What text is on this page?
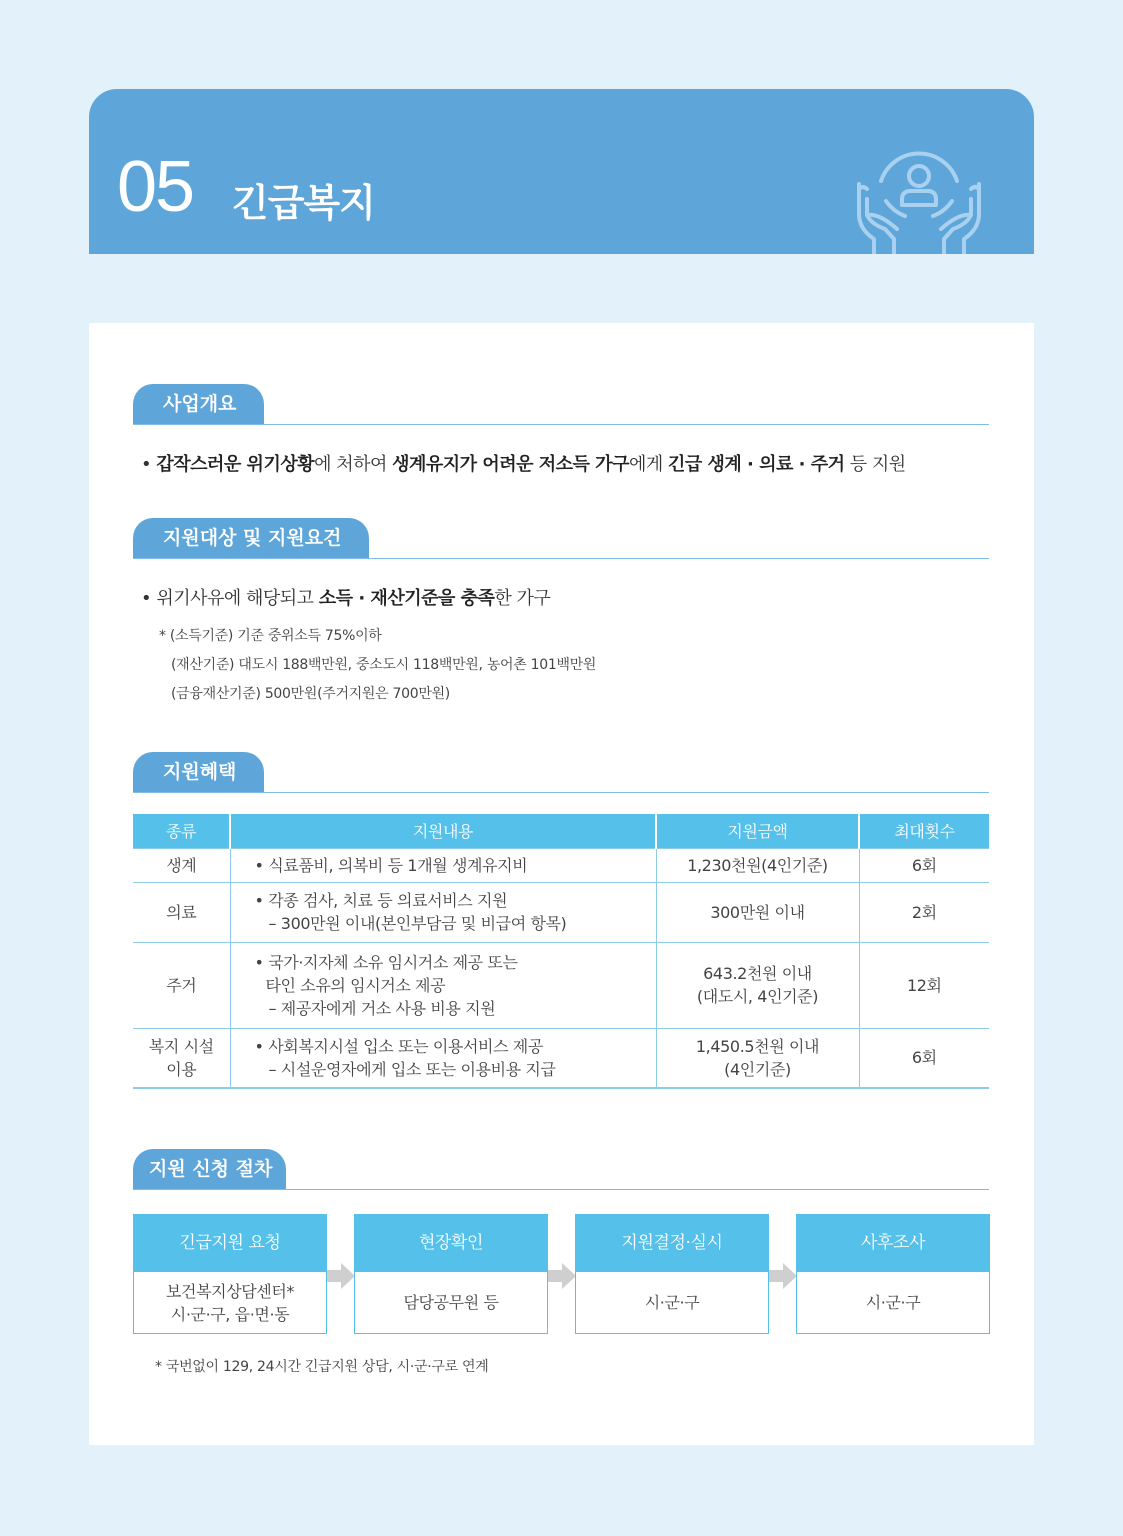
05 긴급복지
사업개요
• 갑작스러운 위기상황에 처하여 생계유지가 어려운 저소득 가구에게 긴급 생계 · 의료 · 주거 등 지원
지원대상 및 지원요건
• 위기사유에 해당되고 소득 · 재산기준을 충족한 가구
* (소득기준) 기준 중위소득 75%이하
(재산기준) 대도시 188백만원, 중소도시 118백만원, 농어촌 101백만원
(금융재산기준) 500만원(주거지원은 700만원)
지원혜택
종류	지원내용	지원금액	최대횟수

생계	• 식료품비, 의복비 등 1개월 생계유지비	1,230천원(4인기준)	6회

의료	• 각종 검사, 치료 등 의료서비스 지원
– 300만원 이내(본인부담금 및 비급여 항목)	300만원 이내	2회

주거	• 국가·지자체 소유 임시거소 제공 또는
타인 소유의 임시거소 제공
– 제공자에게 거소 사용 비용 지원	643.2천원 이내
(대도시, 4인기준)	12회

복지 시설
이용	• 사회복지시설 입소 또는 이용서비스 제공
– 시설운영자에게 입소 또는 이용비용 지급	1,450.5천원 이내
(4인기준)	6회
지원 신청 절차
긴급지원 요청
보건복지상담센터*
시·군·구, 읍·면·동
현장확인
담당공무원 등
지원결정·실시
시·군·구
사후조사
시·군·구
* 국번없이 129, 24시간 긴급지원 상담, 시·군·구로 연계
